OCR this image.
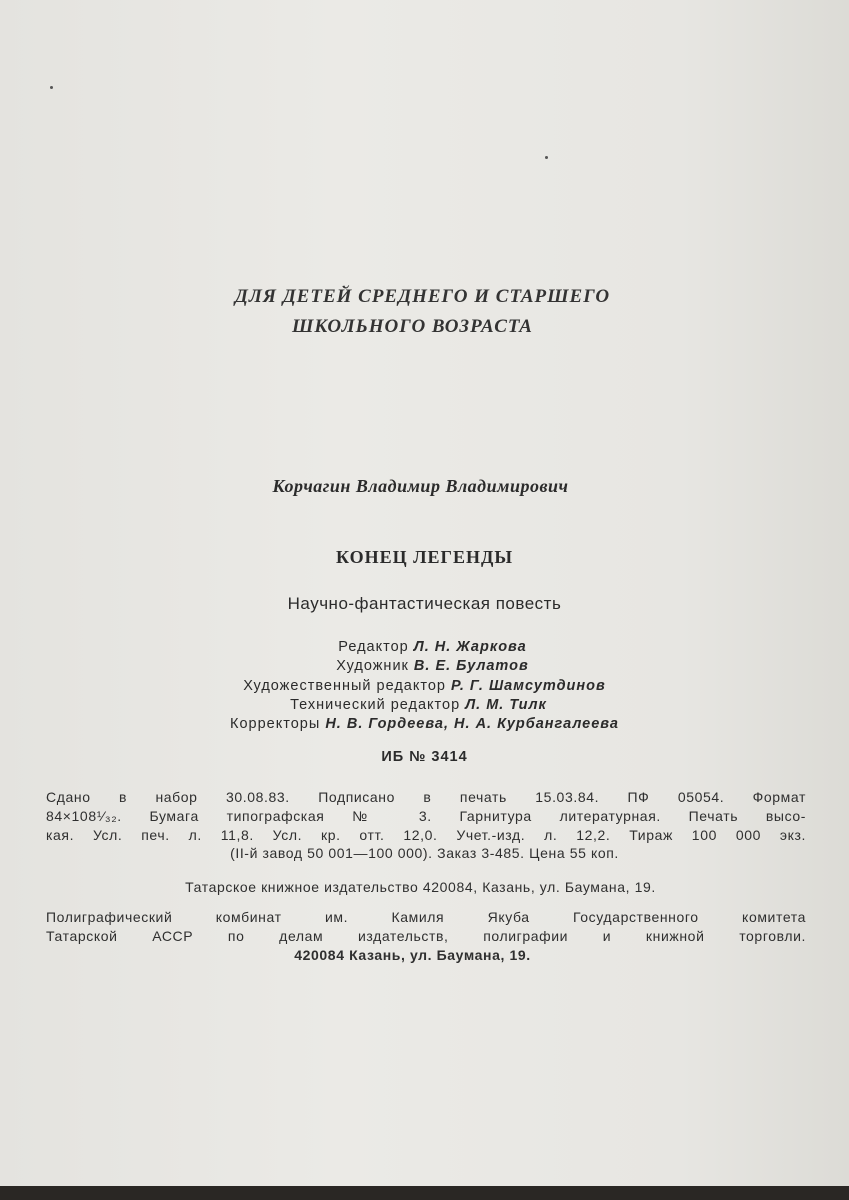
ДЛЯ ДЕТЕЙ СРЕДНЕГО И СТАРШЕГО
ШКОЛЬНОГО ВОЗРАСТА
Корчагин Владимир Владимирович
КОНЕЦ ЛЕГЕНДЫ
Научно-фантастическая повесть
Редактор Л. Н. Жаркова
Художник В. Е. Булатов
Художественный редактор Р. Г. Шамсутдинов
Технический редактор Л. М. Тилк
Корректоры Н. В. Гордеева, Н. А. Курбангалеева
ИБ № 3414
Сдано в набор 30.08.83. Подписано в печать 15.03.84. ПФ 05054. Формат
84×108¹⁄₃₂. Бумага типографская № 3. Гарнитура литературная. Печать высо-
кая. Усл. печ. л. 11,8. Усл. кр. отт. 12,0. Учет.-изд. л. 12,2. Тираж 100 000 экз.
(II-й завод 50 001—100 000). Заказ 3-485. Цена 55 коп.
Татарское книжное издательство 420084, Казань, ул. Баумана, 19.
Полиграфический комбинат им. Камиля Якуба Государственного комитета
Татарской АССР по делам издательств, полиграфии и книжной торговли.
420084 Казань, ул. Баумана, 19.
